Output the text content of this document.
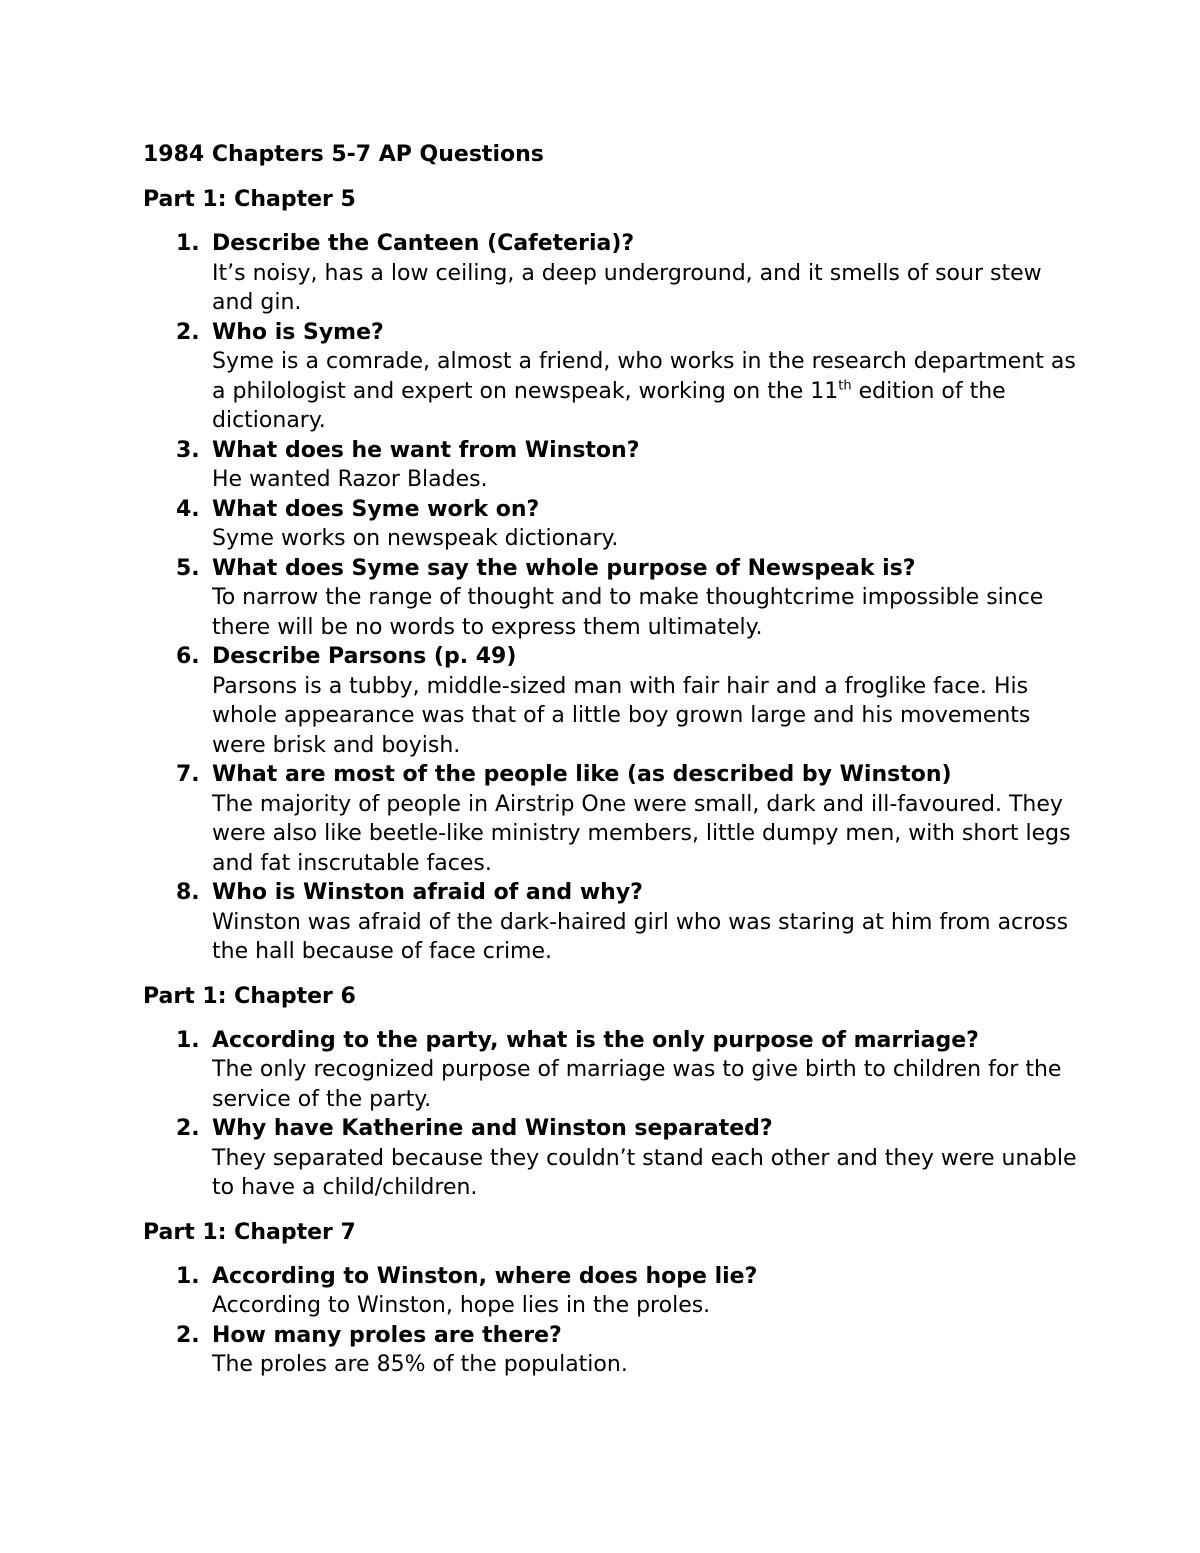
1984 Chapters 5-7 AP Questions
Part 1: Chapter 5
1. Describe the Canteen (Cafeteria)?
It’s noisy, has a low ceiling, a deep underground, and it smells of sour stew and gin.
2. Who is Syme?
Syme is a comrade, almost a friend, who works in the research department as a philologist and expert on newspeak, working on the 11th edition of the dictionary.
3. What does he want from Winston?
He wanted Razor Blades.
4. What does Syme work on?
Syme works on newspeak dictionary.
5. What does Syme say the whole purpose of Newspeak is?
To narrow the range of thought and to make thoughtcrime impossible since there will be no words to express them ultimately.
6. Describe Parsons (p. 49)
Parsons is a tubby, middle-sized man with fair hair and a froglike face. His whole appearance was that of a little boy grown large and his movements were brisk and boyish.
7. What are most of the people like (as described by Winston)
The majority of people in Airstrip One were small, dark and ill-favoured. They were also like beetle-like ministry members, little dumpy men, with short legs and fat inscrutable faces.
8. Who is Winston afraid of and why?
Winston was afraid of the dark-haired girl who was staring at him from across the hall because of face crime.
Part 1: Chapter 6
1. According to the party, what is the only purpose of marriage?
The only recognized purpose of marriage was to give birth to children for the service of the party.
2. Why have Katherine and Winston separated?
They separated because they couldn’t stand each other and they were unable to have a child/children.
Part 1: Chapter 7
1. According to Winston, where does hope lie?
According to Winston, hope lies in the proles.
2. How many proles are there?
The proles are 85% of the population.
